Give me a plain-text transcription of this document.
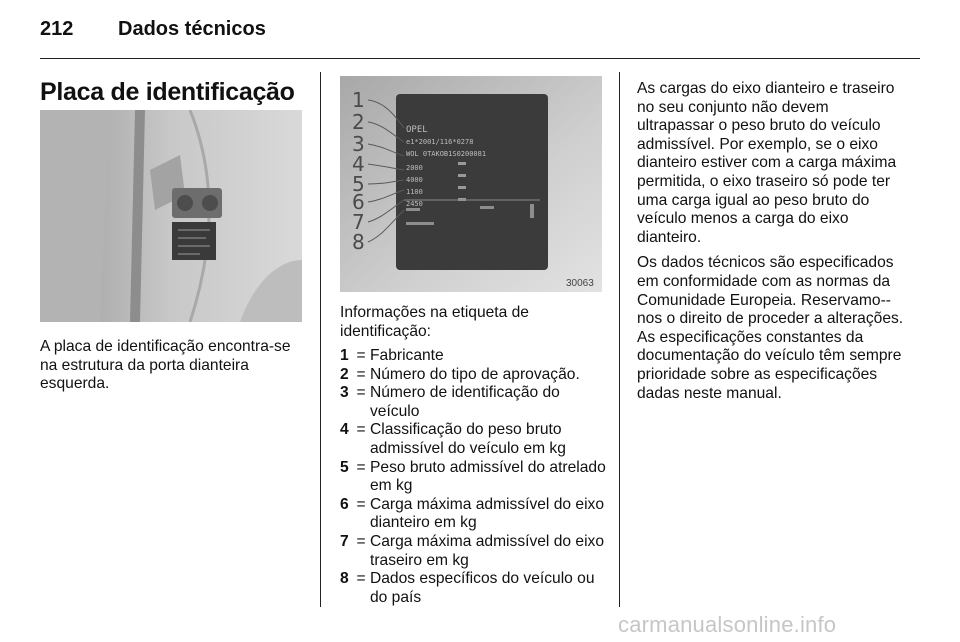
212 Dados técnicos
Placa de identificação	1
2
3
4
5
6
7
8
OPEL
e1*2001/116*0278
WOL 0TAKOB1S0200081
2000
4000
1100
2450
30063
A placa de identificação encontra-se na estrutura da porta dianteira esquerda.
Informações na etiqueta de identificação:
1 = Fabricante
2 = Número do tipo de aprovação.
3 = Número de identificação do veículo
4 = Classificação do peso bruto admissível do veículo em kg
5 = Peso bruto admissível do atrelado em kg
6 = Carga máxima admissível do eixo dianteiro em kg
7 = Carga máxima admissível do eixo traseiro em kg
8 = Dados específicos do veículo ou do país

As cargas do eixo dianteiro e traseiro no seu conjunto não devem ultrapassar o peso bruto do veículo admissível. Por exemplo, se o eixo dianteiro estiver com a carga máxima permitida, o eixo traseiro só pode ter uma carga igual ao peso bruto do veículo menos a carga do eixo dianteiro.

Os dados técnicos são especificados em conformidade com as normas da Comunidade Europeia. Reservamo--nos o direito de proceder a alterações. As especificações constantes da documentação do veículo têm sempre prioridade sobre as especificações dadas neste manual.

carmanualsonline.info
